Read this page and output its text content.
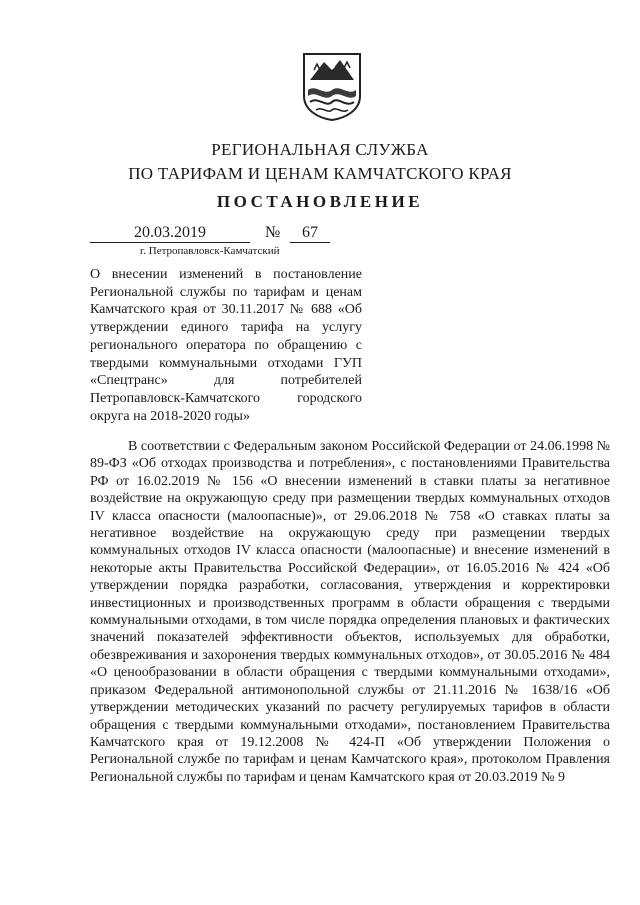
РЕГИОНАЛЬНАЯ СЛУЖБА
ПО ТАРИФАМ И ЦЕНАМ КАМЧАТСКОГО КРАЯ
ПОСТАНОВЛЕНИЕ
20.03.2019	№	67
г. Петропавловск-Камчатский
О внесении изменений в постановление Региональной службы по тарифам и ценам Камчатского края от 30.11.2017 № 688 «Об утверждении единого тарифа на услугу регионального оператора по обращению с твердыми коммунальными отходами ГУП «Спецтранс» для потребителей Петропавловск-Камчатского городского округа на 2018-2020 годы»
В соответствии с Федеральным законом Российской Федерации от 24.06.1998 № 89-ФЗ «Об отходах производства и потребления», с постановлениями Правительства РФ от 16.02.2019 № 156 «О внесении изменений в ставки платы за негативное воздействие на окружающую среду при размещении твердых коммунальных отходов IV класса опасности (малоопасные)», от 29.06.2018 № 758 «О ставках платы за негативное воздействие на окружающую среду при размещении твердых коммунальных отходов IV класса опасности (малоопасные) и внесение изменений в некоторые акты Правительства Российской Федерации», от 16.05.2016 № 424 «Об утверждении порядка разработки, согласования, утверждения и корректировки инвестиционных и производственных программ в области обращения с твердыми коммунальными отходами, в том числе порядка определения плановых и фактических значений показателей эффективности объектов, используемых для обработки, обезвреживания и захоронения твердых коммунальных отходов», от 30.05.2016 № 484 «О ценообразовании в области обращения с твердыми коммунальными отходами», приказом Федеральной антимонопольной службы от 21.11.2016 № 1638/16 «Об утверждении методических указаний по расчету регулируемых тарифов в области обращения с твердыми коммунальными отходами», постановлением Правительства Камчатского края от 19.12.2008 № 424-П «Об утверждении Положения о Региональной службе по тарифам и ценам Камчатского края», протоколом Правления Региональной службы по тарифам и ценам Камчатского края от 20.03.2019 № 9
